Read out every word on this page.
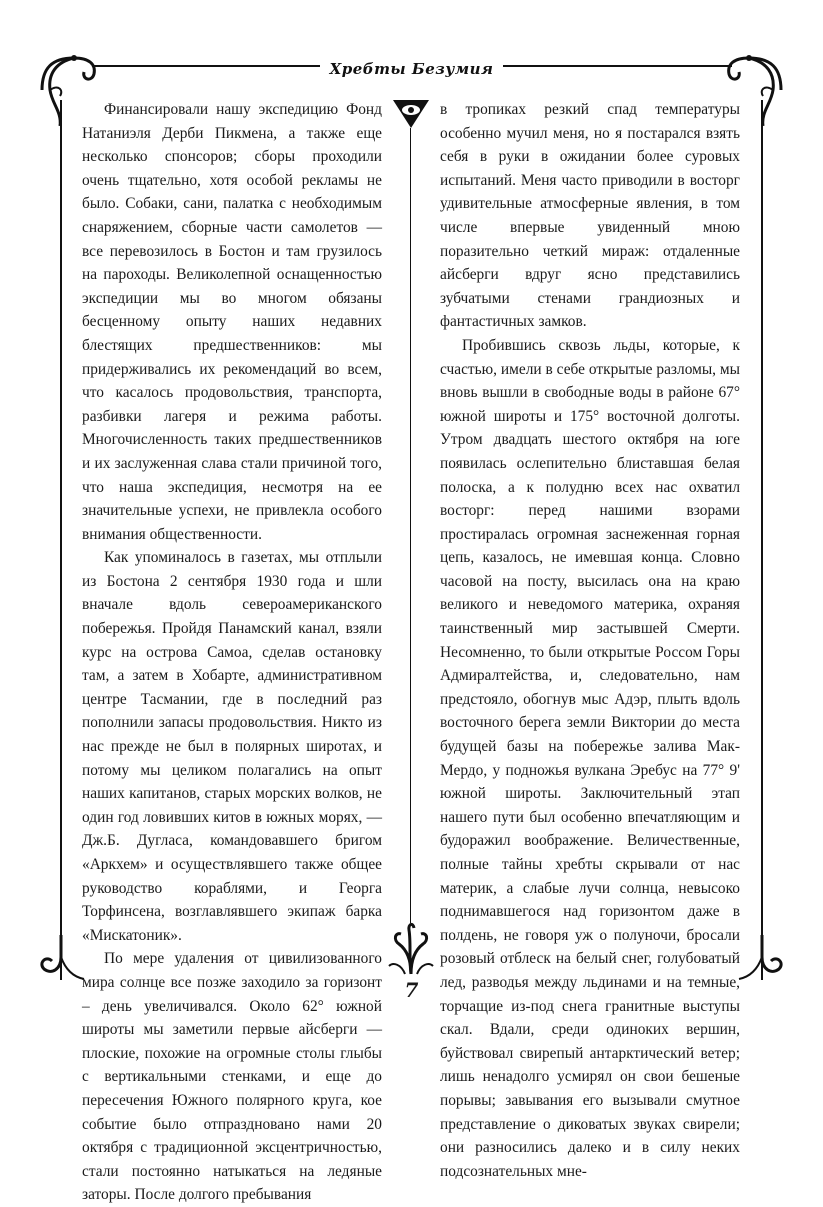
Хребты Безумия

Финансировали нашу экспедицию Фонд Натаниэля Дерби Пикмена, а также еще несколько спонсоров; сборы проходили очень тщательно, хотя особой рекламы не было. Собаки, сани, палатка с необходимым снаряжением, сборные части самолетов — все перевозилось в Бостон и там грузилось на пароходы. Великолепной оснащенностью экспедиции мы во многом обязаны бесценному опыту наших недавних блестящих предшественников: мы придерживались их рекомендаций во всем, что касалось продовольствия, транспорта, разбивки лагеря и режима работы. Многочисленность таких предшественников и их заслуженная слава стали причиной того, что наша экспедиция, несмотря на ее значительные успехи, не привлекла особого внимания общественности.

Как упоминалось в газетах, мы отплыли из Бостона 2 сентября 1930 года и шли вначале вдоль североамериканского побережья. Пройдя Панамский канал, взяли курс на острова Самоа, сделав остановку там, а затем в Хобарте, административном центре Тасмании, где в последний раз пополнили запасы продовольствия. Никто из нас прежде не был в полярных широтах, и потому мы целиком полагались на опыт наших капитанов, старых морских волков, не один год ловивших китов в южных морях, — Дж.Б. Дугласа, командовавшего бригом «Аркхем» и осуществлявшего также общее руководство кораблями, и Георга Торфинсена, возглавлявшего экипаж барка «Мискатоник».

По мере удаления от цивилизованного мира солнце все позже заходило за горизонт – день увеличивался. Около 62° южной широты мы заметили первые айсберги — плоские, похожие на огромные столы глыбы с вертикальными стенками, и еще до пересечения Южного полярного круга, кое событие было отпраздновано нами 20 октября с традиционной эксцентричностью, стали постоянно натыкаться на ледяные заторы. После долгого пребывания

в тропиках резкий спад температуры особенно мучил меня, но я постарался взять себя в руки в ожидании более суровых испытаний. Меня часто приводили в восторг удивительные атмосферные явления, в том числе впервые увиденный мною поразительно четкий мираж: отдаленные айсберги вдруг ясно представились зубчатыми стенами грандиозных и фантастичных замков.

Пробившись сквозь льды, которые, к счастью, имели в себе открытые разломы, мы вновь вышли в свободные воды в районе 67° южной широты и 175° восточной долготы. Утром двадцать шестого октября на юге появилась ослепительно блиставшая белая полоска, а к полудню всех нас охватил восторг: перед нашими взорами простиралась огромная заснеженная горная цепь, казалось, не имевшая конца. Словно часовой на посту, высилась она на краю великого и неведомого материка, охраняя таинственный мир застывшей Смерти. Несомненно, то были открытые Россом Горы Адмиралтейства, и, следовательно, нам предстояло, обогнув мыс Адэр, плыть вдоль восточного берега земли Виктории до места будущей базы на побережье залива Мак-Мердо, у подножья вулкана Эребус на 77° 9' южной широты. Заключительный этап нашего пути был особенно впечатляющим и будоражил воображение. Величественные, полные тайны хребты скрывали от нас материк, а слабые лучи солнца, невысоко поднимавшегося над горизонтом даже в полдень, не говоря уж о полуночи, бросали розовый отблеск на белый снег, голубоватый лед, разводья между льдинами и на темные, торчащие из-под снега гранитные выступы скал. Вдали, среди одиноких вершин, буйствовал свирепый антарктический ветер; лишь ненадолго усмирял он свои бешеные порывы; завывания его вызывали смутное представление о диковатых звуках свирели; они разносились далеко и в силу неких подсознательных мне-

7
